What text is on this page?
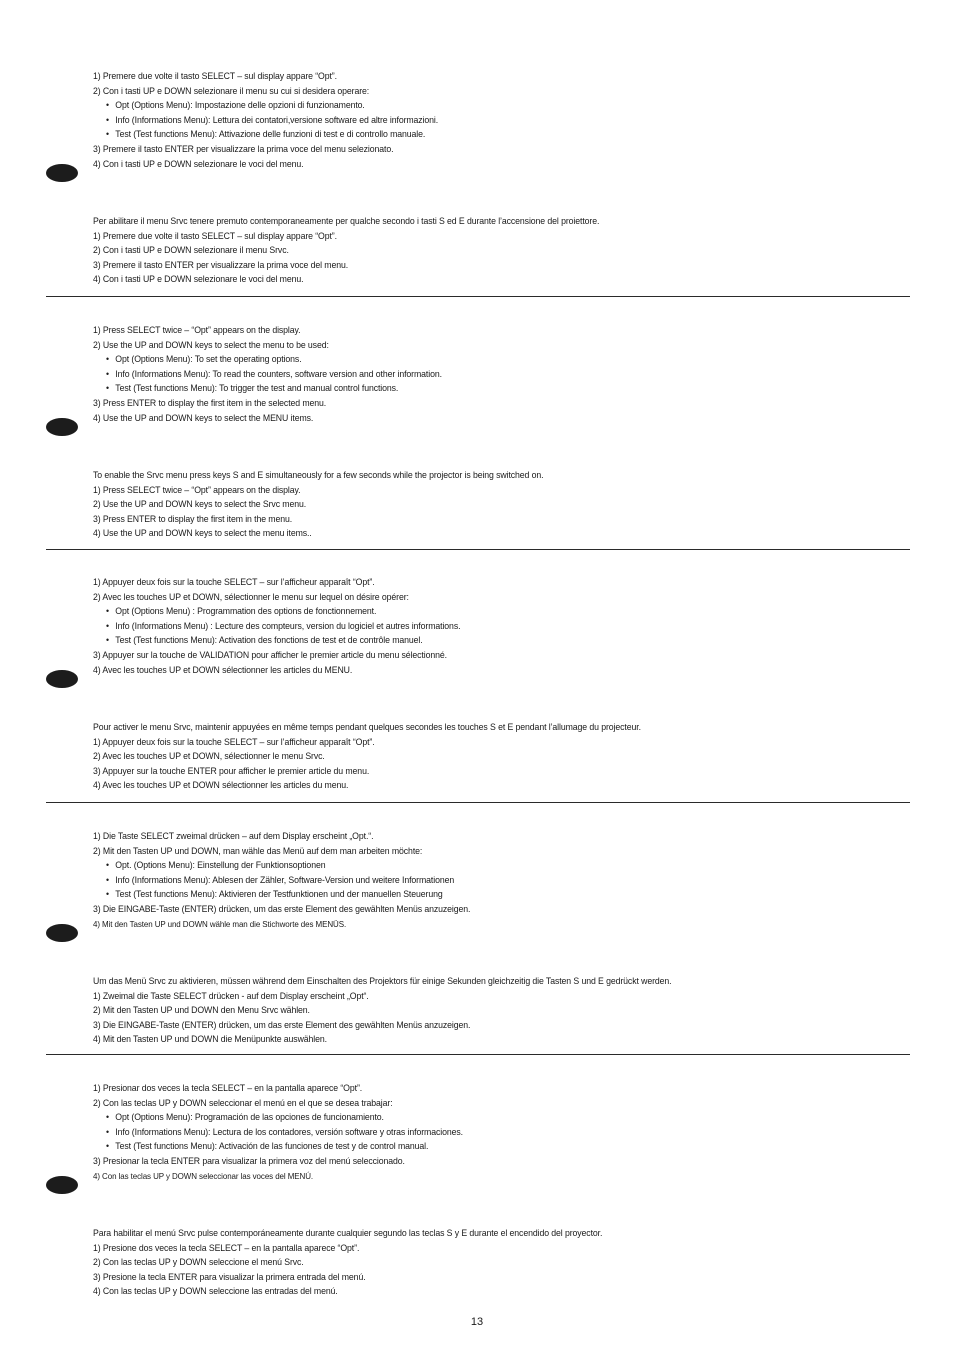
1) Premere due volte il tasto SELECT – sul display appare “Opt”.
2) Con i tasti UP e DOWN selezionare il menu su cui si desidera operare:
• Opt (Options Menu): Impostazione delle opzioni di funzionamento.
• Info (Informations Menu): Lettura dei contatori,versione software ed altre informazioni.
• Test (Test functions Menu): Attivazione delle funzioni di test e di controllo manuale.
3) Premere il tasto ENTER per visualizzare la prima voce del menu selezionato.
4) Con i tasti UP e DOWN selezionare le voci del menu.
Per abilitare il menu Srvc tenere premuto contemporaneamente per qualche secondo i tasti S ed E durante l’accensione del proiettore.
1) Premere due volte il tasto SELECT – sul display appare “Opt”.
2) Con i tasti UP e DOWN selezionare il menu Srvc.
3) Premere il tasto ENTER per visualizzare la prima voce del menu.
4) Con i tasti UP e DOWN selezionare le voci del menu.
1) Press SELECT twice – “Opt” appears on the display.
2) Use the UP and DOWN keys to select the menu to be used:
• Opt (Options Menu): To set the operating options.
• Info (Informations Menu): To read the counters, software version and other information.
• Test (Test functions Menu): To trigger the test and manual control functions.
3) Press ENTER to display the first item in the selected menu.
4) Use the UP and DOWN keys to select the MENU items.
To enable the Srvc menu press keys S and E simultaneously for a few seconds while the projector is being switched on.
1) Press SELECT twice – “Opt” appears on the display.
2) Use the UP and DOWN keys to select the Srvc menu.
3) Press ENTER to display the first item in the menu.
4) Use the UP and DOWN keys to select the menu items..
1) Appuyer deux fois sur la touche SELECT – sur l’afficheur apparaît “Opt”.
2) Avec les touches UP et DOWN, sélectionner le menu sur lequel on désire opérer:
• Opt (Options Menu) : Programmation des options de fonctionnement.
• Info (Informations Menu) : Lecture des compteurs, version du logiciel et autres informations.
• Test (Test functions Menu): Activation des fonctions de test et de contrôle manuel.
3) Appuyer sur la touche de VALIDATION pour afficher le premier article du menu sélectionné.
4) Avec les touches UP et DOWN sélectionner les articles du MENU.
Pour activer le menu Srvc, maintenir appuyées en même temps pendant quelques secondes les touches S et E pendant l’allumage du projecteur.
1) Appuyer deux fois sur la touche SELECT – sur l’afficheur apparaît “Opt”.
2) Avec les touches UP et DOWN, sélectionner le menu Srvc.
3) Appuyer sur la touche ENTER pour afficher le premier article du menu.
4) Avec les touches UP et DOWN sélectionner les articles du menu.
1) Die Taste SELECT zweimal drücken – auf dem Display erscheint „Opt.“.
2) Mit den Tasten UP und DOWN, man wähle das Menü auf dem man arbeiten möchte:
• Opt. (Options Menu): Einstellung der Funktionsoptionen
• Info (Informations Menu): Ablesen der Zähler, Software-Version und weitere Informationen
• Test (Test functions Menu): Aktivieren der Testfunktionen und der manuellen Steuerung
3) Die EINGABE-Taste (ENTER) drücken, um das erste Element des gewählten Menüs anzuzeigen.
4) Mit den Tasten UP und DOWN wähle man die Stichworte des MENÜS.
Um das Menü Srvc zu aktivieren, müssen während dem Einschalten des Projektors für einige Sekunden gleichzeitig die Tasten S und E gedrückt werden.
1) Zweimal die Taste SELECT drücken - auf dem Display erscheint „Opt“.
2) Mit den Tasten UP und DOWN den Menu Srvc wählen.
3) Die EINGABE-Taste (ENTER) drücken, um das erste Element des gewählten Menüs anzuzeigen.
4) Mit den Tasten UP und DOWN die Menüpunkte auswählen.
1) Presionar dos veces la tecla SELECT – en la pantalla aparece “Opt”.
2) Con las teclas UP y DOWN seleccionar el menú en el que se desea trabajar:
• Opt (Options Menu): Programación de las opciones de funcionamiento.
• Info (Informations Menu): Lectura de los contadores, versión software y otras informaciones.
• Test (Test functions Menu): Activación de las funciones de test y de control manual.
3) Presionar la tecla ENTER para visualizar la primera voz del menú seleccionado.
4) Con las teclas UP y DOWN seleccionar las voces del MENÚ.
Para habilitar el menú Srvc pulse contemporáneamente durante cualquier segundo las teclas S y E durante el encendido del proyector.
1) Presione dos veces la tecla SELECT – en la pantalla aparece “Opt”.
2) Con las teclas UP y DOWN seleccione el menú Srvc.
3) Presione la tecla ENTER para visualizar la primera entrada del menú.
4) Con las teclas UP y DOWN seleccione las entradas del menú.
13
